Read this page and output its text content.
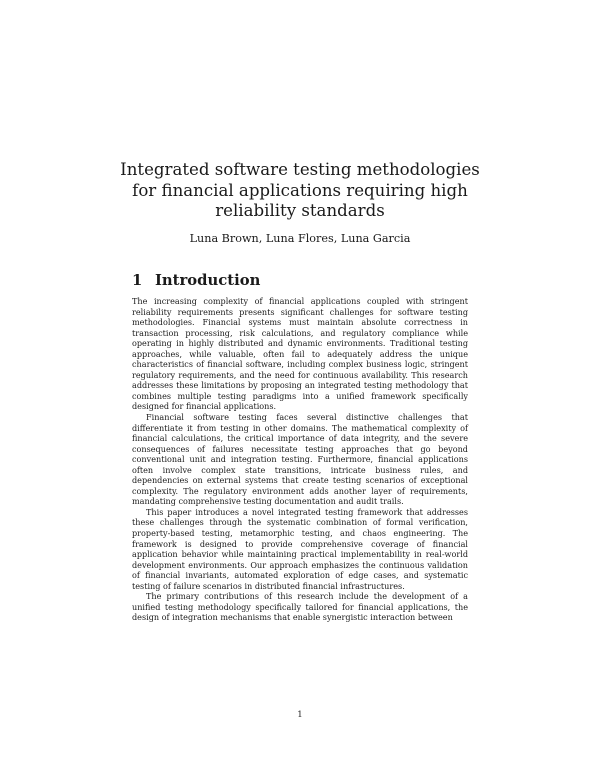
Integrated software testing methodologies for financial applications requiring high reliability standards
Luna Brown, Luna Flores, Luna Garcia
1 Introduction

The increasing complexity of financial applications coupled with stringent reliability requirements presents significant challenges for software testing methodologies. Financial systems must maintain absolute correctness in transaction processing, risk calculations, and regulatory compliance while operating in highly distributed and dynamic environments. Traditional testing approaches, while valuable, often fail to adequately address the unique characteristics of financial software, including complex business logic, stringent regulatory requirements, and the need for continuous availability. This research addresses these limitations by proposing an integrated testing methodology that combines multiple testing paradigms into a unified framework specifically designed for financial applications.

Financial software testing faces several distinctive challenges that differentiate it from testing in other domains. The mathematical complexity of financial calculations, the critical importance of data integrity, and the severe consequences of failures necessitate testing approaches that go beyond conventional unit and integration testing. Furthermore, financial applications often involve complex state transitions, intricate business rules, and dependencies on external systems that create testing scenarios of exceptional complexity. The regulatory environment adds another layer of requirements, mandating comprehensive testing documentation and audit trails.

This paper introduces a novel integrated testing framework that addresses these challenges through the systematic combination of formal verification, property-based testing, metamorphic testing, and chaos engineering. The framework is designed to provide comprehensive coverage of financial application behavior while maintaining practical implementability in real-world development environments. Our approach emphasizes the continuous validation of financial invariants, automated exploration of edge cases, and systematic testing of failure scenarios in distributed financial infrastructures.

The primary contributions of this research include the development of a unified testing methodology specifically tailored for financial applications, the design of integration mechanisms that enable synergistic interaction between

1
